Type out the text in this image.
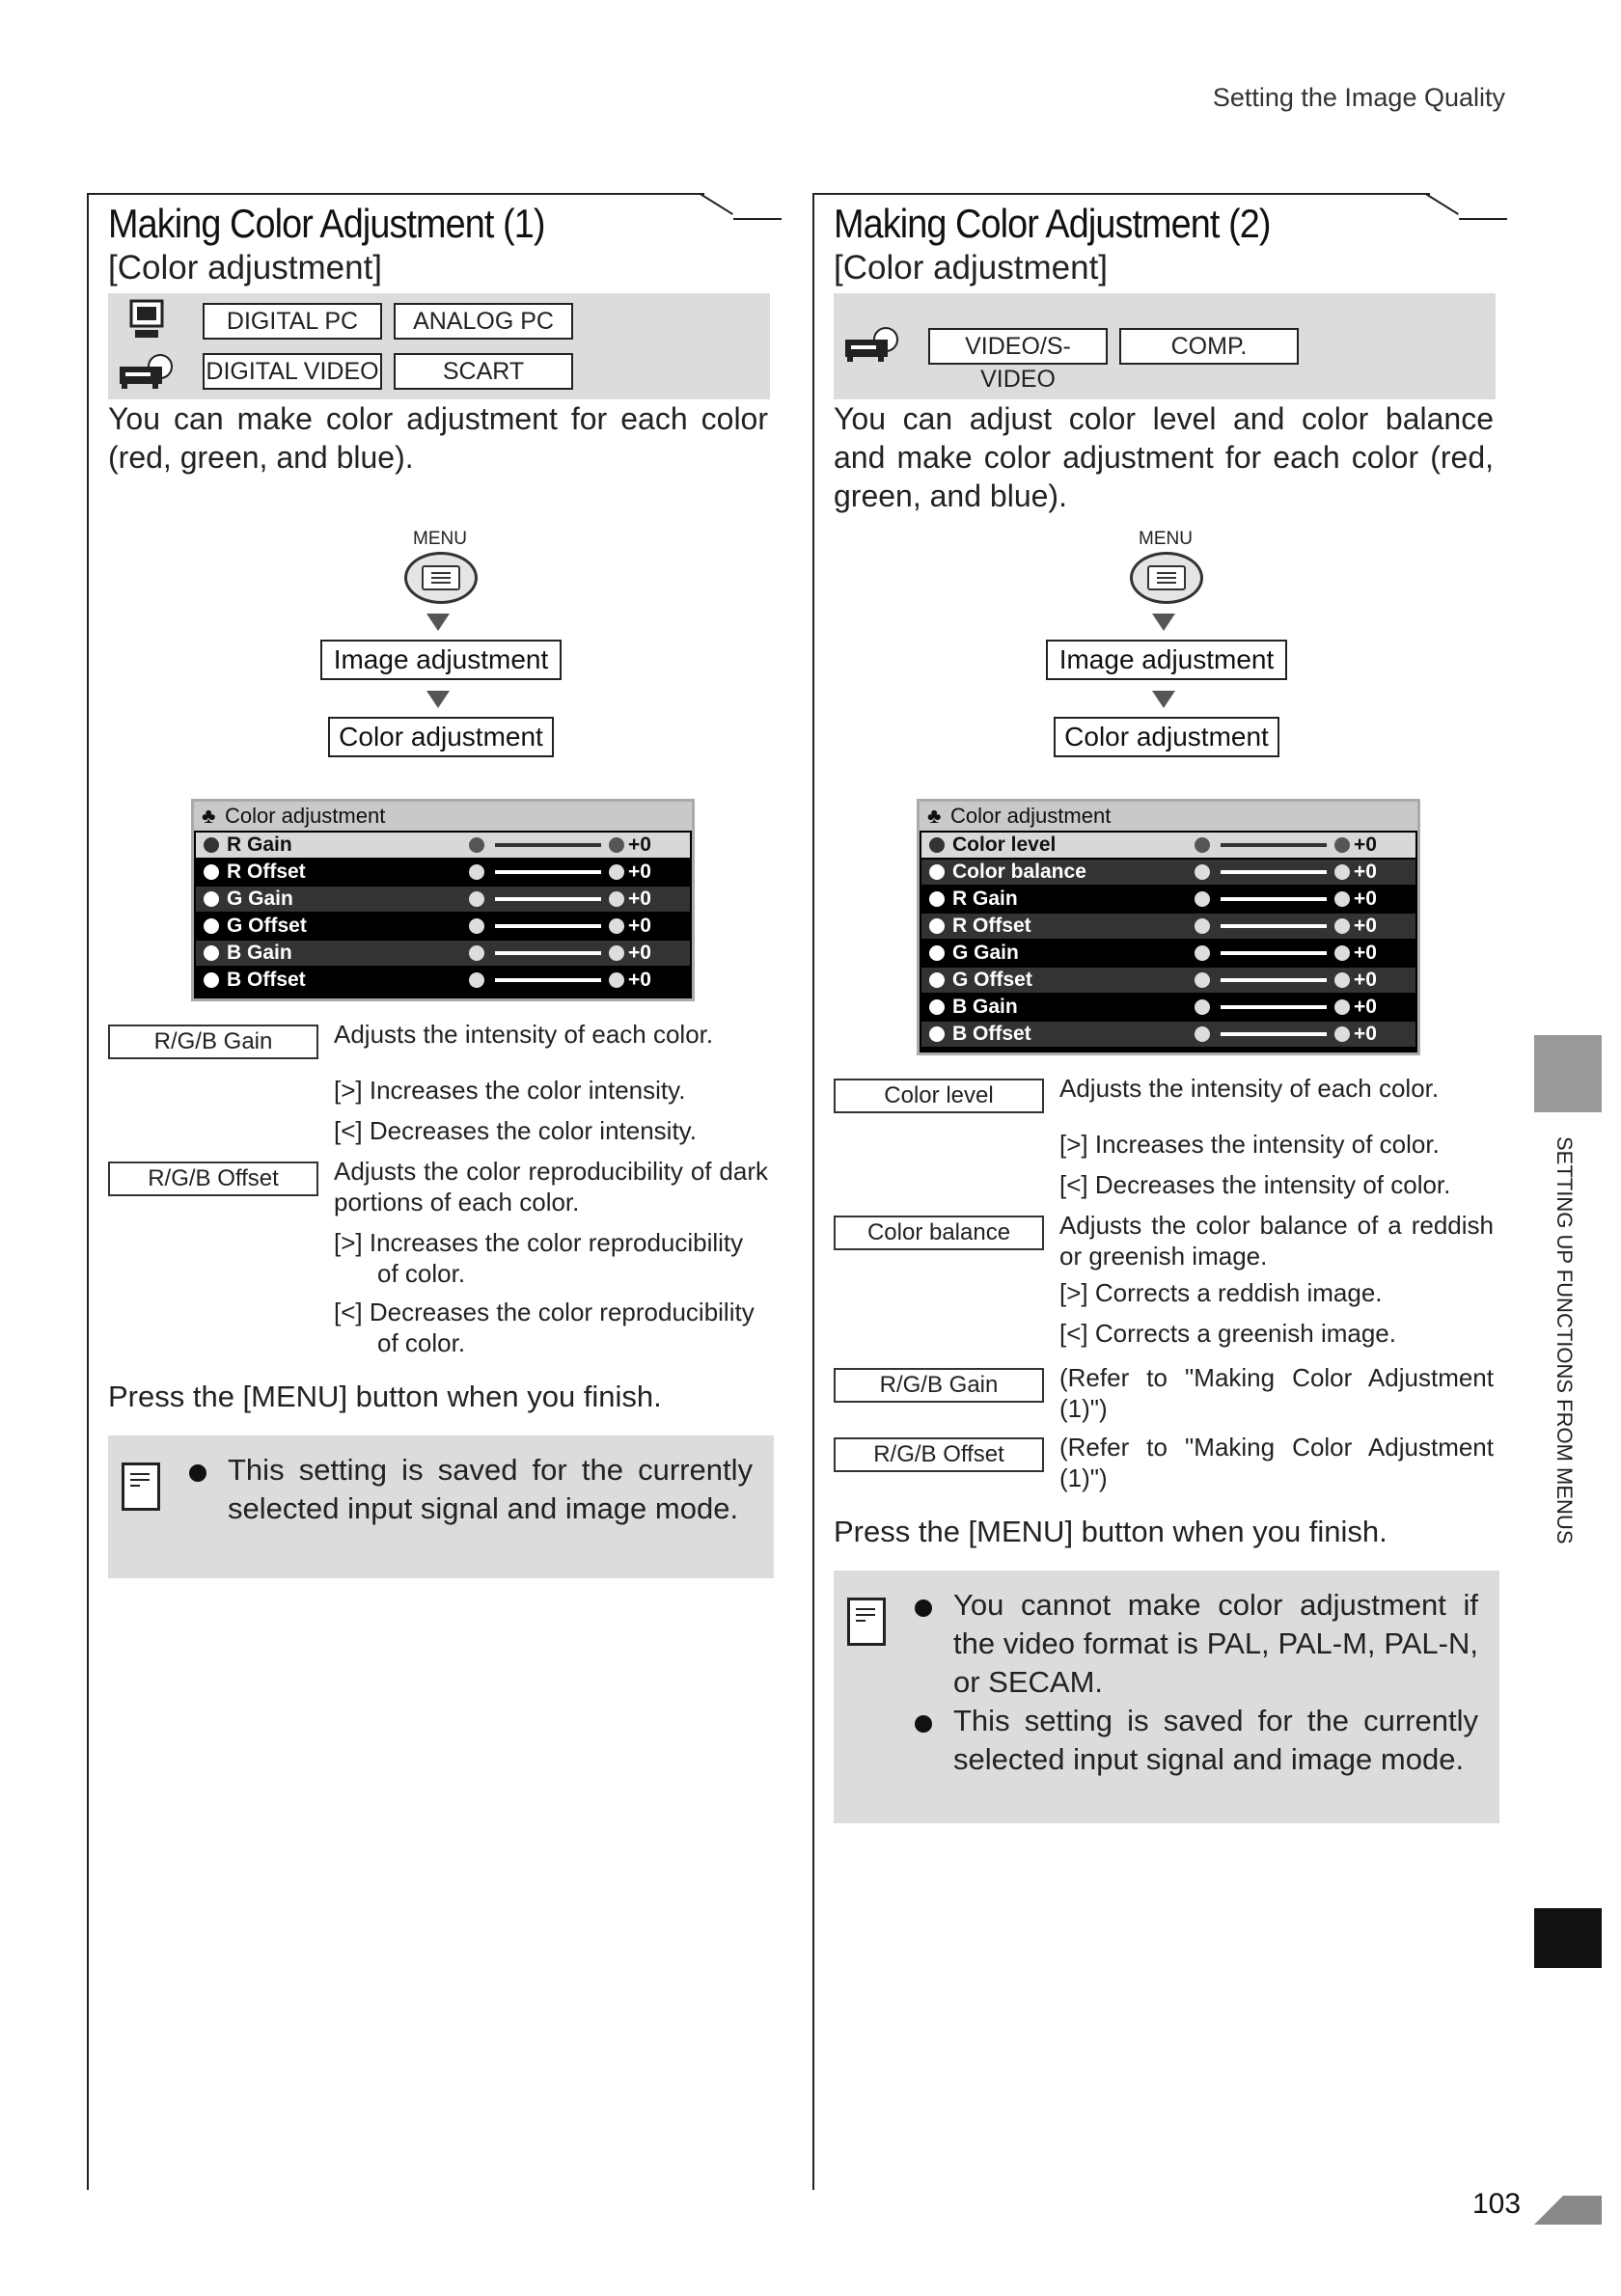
Setting the Image Quality
Making Color Adjustment (1)
[Color adjustment]
DIGITAL PC	ANALOG PC
DIGITAL VIDEO	SCART
You can make color adjustment for each color (red, green, and blue).
MENU
Image adjustment
Color adjustment
♣ Color adjustment
R Gain	+0
R Offset	+0
G Gain	+0
G Offset	+0
B Gain	+0
B Offset	+0
R/G/B Gain	Adjusts the intensity of each color.
[>] Increases the color intensity.
[<] Decreases the color intensity.
R/G/B Offset	Adjusts the color reproducibility of dark portions of each color.
[>] Increases the color reproducibility of color.
[<] Decreases the color reproducibility of color.
Press the [MENU] button when you finish.
This setting is saved for the currently selected input signal and image mode.
Making Color Adjustment (2)
[Color adjustment]
VIDEO/S-VIDEO
COMP.
You can adjust color level and color balance and make color adjustment for each color (red, green, and blue).
MENU
Image adjustment
Color adjustment
♣ Color adjustment
Color level	+0
Color balance	+0
R Gain	+0
R Offset	+0
G Gain	+0
G Offset	+0
B Gain	+0
B Offset	+0
Color level	Adjusts the intensity of each color.
[>] Increases the intensity of color.
[<] Decreases the intensity of color.
Color balance	Adjusts the color balance of a reddish or greenish image.
[>] Corrects a reddish image.
[<] Corrects a greenish image.
R/G/B Gain	(Refer to "Making Color Adjustment (1)")
R/G/B Offset	(Refer to "Making Color Adjustment (1)")
Press the [MENU] button when you finish.
You cannot make color adjustment if the video format is PAL, PAL-M, PAL-N, or SECAM.
This setting is saved for the currently selected input signal and image mode.
SETTING UP FUNCTIONS FROM MENUS
103
